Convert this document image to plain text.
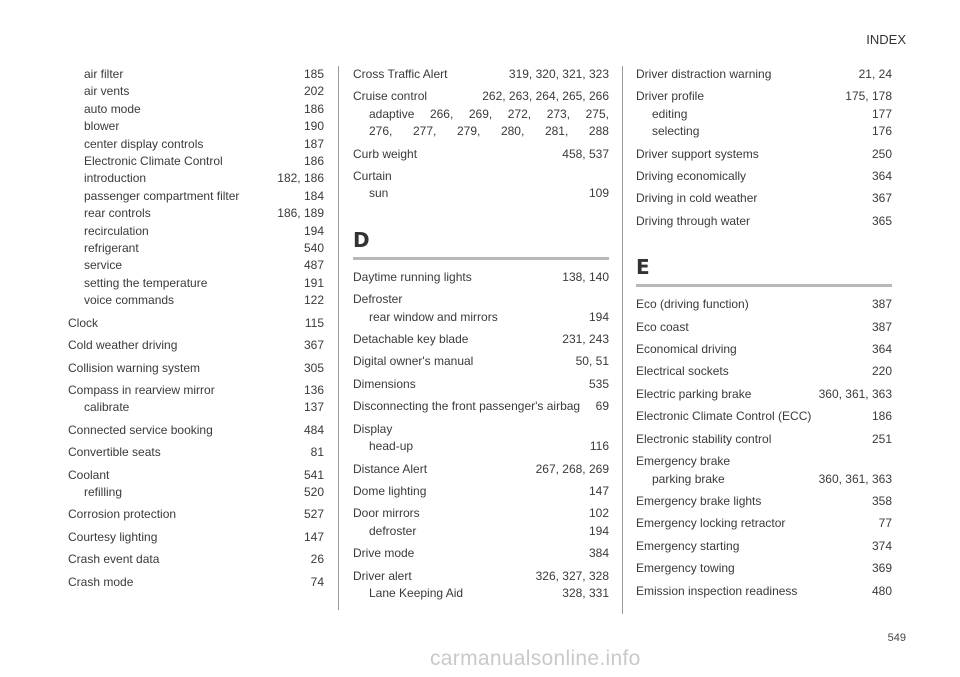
INDEX
air filter	185
air vents	202
auto mode	186
blower	190
center display controls	187
Electronic Climate Control	186
introduction	182, 186
passenger compartment filter	184
rear controls	186, 189
recirculation	194
refrigerant	540
service	487
setting the temperature	191
voice commands	122
Clock	115
Cold weather driving	367
Collision warning system	305
Compass in rearview mirror	136
calibrate	137
Connected service booking	484
Convertible seats	81
Coolant	541
refilling	520
Corrosion protection	527
Courtesy lighting	147
Crash event data	26
Crash mode	74
Cross Traffic Alert	319, 320, 321, 323
Cruise control	262, 263, 264, 265, 266
adaptive 266, 269, 272, 273, 275,
276, 277, 279, 280, 281, 288
Curb weight	458, 537
Curtain
sun	109
D
Daytime running lights	138, 140
Defroster
rear window and mirrors	194
Detachable key blade	231, 243
Digital owner's manual	50, 51
Dimensions	535
Disconnecting the front passenger's airbag 69
Display
head-up	116
Distance Alert	267, 268, 269
Dome lighting	147
Door mirrors	102
defroster	194
Drive mode	384
Driver alert	326, 327, 328
Lane Keeping Aid	328, 331
Driver distraction warning	21, 24
Driver profile	175, 178
editing	177
selecting	176
Driver support systems	250
Driving economically	364
Driving in cold weather	367
Driving through water	365
E
Eco (driving function)	387
Eco coast	387
Economical driving	364
Electrical sockets	220
Electric parking brake	360, 361, 363
Electronic Climate Control (ECC)	186
Electronic stability control	251
Emergency brake
parking brake	360, 361, 363
Emergency brake lights	358
Emergency locking retractor	77
Emergency starting	374
Emergency towing	369
Emission inspection readiness	480
549
carmanualsonline.info
